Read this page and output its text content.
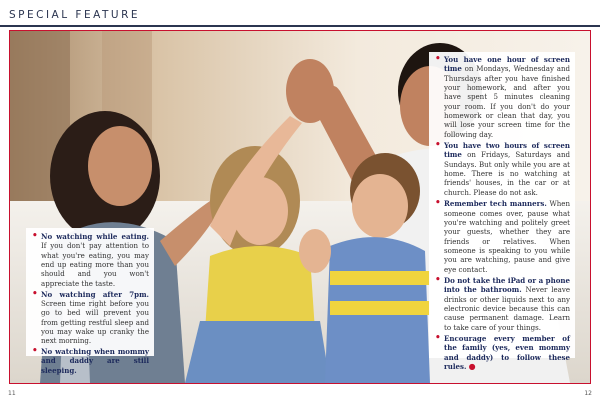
SPECIAL FEATURE
• No watching while eating. If you don't pay attention to what you're eating, you may end up eating more than you should and you won't appreciate the taste.
• No watching after 7pm. Screen time right before you go to bed will prevent you from getting restful sleep and you may wake up cranky the next morning.
• No watching when mommy and daddy are still sleeping.
• You have one hour of screen time on Mondays, Wednesday and Thursdays after you have finished your homework, and after you have spent 5 minutes cleaning your room. If you don't do your homework or clean that day, you will lose your screen time for the following day.
• You have two hours of screen time on Fridays, Saturdays and Sundays. But only while you are at home. There is no watching at friends' houses, in the car or at church. Please do not ask.
• Remember tech manners. When someone comes over, pause what you're watching and politely greet your guests, whether they are friends or relatives. When someone is speaking to you while you are watching, pause and give eye contact.
• Do not take the iPad or a phone into the bathroom. Never leave drinks or other liquids next to any electronic device because this can cause permanent damage. Learn to take care of your things.
• Encourage every member of the family (yes, even mommy and daddy) to follow these rules. ●
11	12
